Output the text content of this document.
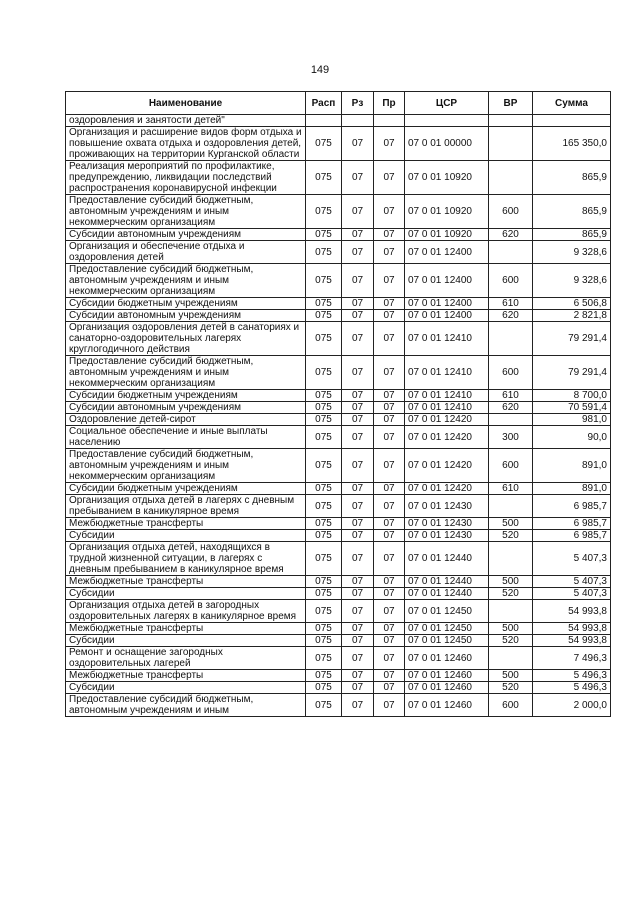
149
Наименование	Расп	Рз	Пр	ЦСР	ВР	Сумма
оздоровления и занятости детей"						
Организация и расширение видов форм отдыха и повышение охвата отдыха и оздоровления детей, проживающих на территории Курганской области	075	07	07	07 0 01 00000		165 350,0
Реализация мероприятий по профилактике, предупреждению, ликвидации последствий распространения коронавирусной инфекции	075	07	07	07 0 01 10920		865,9
Предоставление субсидий бюджетным, автономным учреждениям и иным некоммерческим организациям	075	07	07	07 0 01 10920	600	865,9
Субсидии автономным учреждениям	075	07	07	07 0 01 10920	620	865,9
Организация и обеспечение отдыха и оздоровления детей	075	07	07	07 0 01 12400		9 328,6
Предоставление субсидий бюджетным, автономным учреждениям и иным некоммерческим организациям	075	07	07	07 0 01 12400	600	9 328,6
Субсидии бюджетным учреждениям	075	07	07	07 0 01 12400	610	6 506,8
Субсидии автономным учреждениям	075	07	07	07 0 01 12400	620	2 821,8
Организация оздоровления детей в санаториях и санаторно-оздоровительных лагерях круглогодичного действия	075	07	07	07 0 01 12410		79 291,4
Предоставление субсидий бюджетным, автономным учреждениям и иным некоммерческим организациям	075	07	07	07 0 01 12410	600	79 291,4
Субсидии бюджетным учреждениям	075	07	07	07 0 01 12410	610	8 700,0
Субсидии автономным учреждениям	075	07	07	07 0 01 12410	620	70 591,4
Оздоровление детей-сирот	075	07	07	07 0 01 12420		981,0
Социальное обеспечение и иные выплаты населению	075	07	07	07 0 01 12420	300	90,0
Предоставление субсидий бюджетным, автономным учреждениям и иным некоммерческим организациям	075	07	07	07 0 01 12420	600	891,0
Субсидии бюджетным учреждениям	075	07	07	07 0 01 12420	610	891,0
Организация отдыха детей в лагерях с дневным пребыванием в каникулярное время	075	07	07	07 0 01 12430		6 985,7
Межбюджетные трансферты	075	07	07	07 0 01 12430	500	6 985,7
Субсидии	075	07	07	07 0 01 12430	520	6 985,7
Организация отдыха детей, находящихся в трудной жизненной ситуации, в лагерях с дневным пребыванием в каникулярное время	075	07	07	07 0 01 12440		5 407,3
Межбюджетные трансферты	075	07	07	07 0 01 12440	500	5 407,3
Субсидии	075	07	07	07 0 01 12440	520	5 407,3
Организация отдыха детей в загородных оздоровительных лагерях в каникулярное время	075	07	07	07 0 01 12450		54 993,8
Межбюджетные трансферты	075	07	07	07 0 01 12450	500	54 993,8
Субсидии	075	07	07	07 0 01 12450	520	54 993,8
Ремонт и оснащение загородных оздоровительных лагерей	075	07	07	07 0 01 12460		7 496,3
Межбюджетные трансферты	075	07	07	07 0 01 12460	500	5 496,3
Субсидии	075	07	07	07 0 01 12460	520	5 496,3
Предоставление субсидий бюджетным, автономным учреждениям и иным	075	07	07	07 0 01 12460	600	2 000,0
